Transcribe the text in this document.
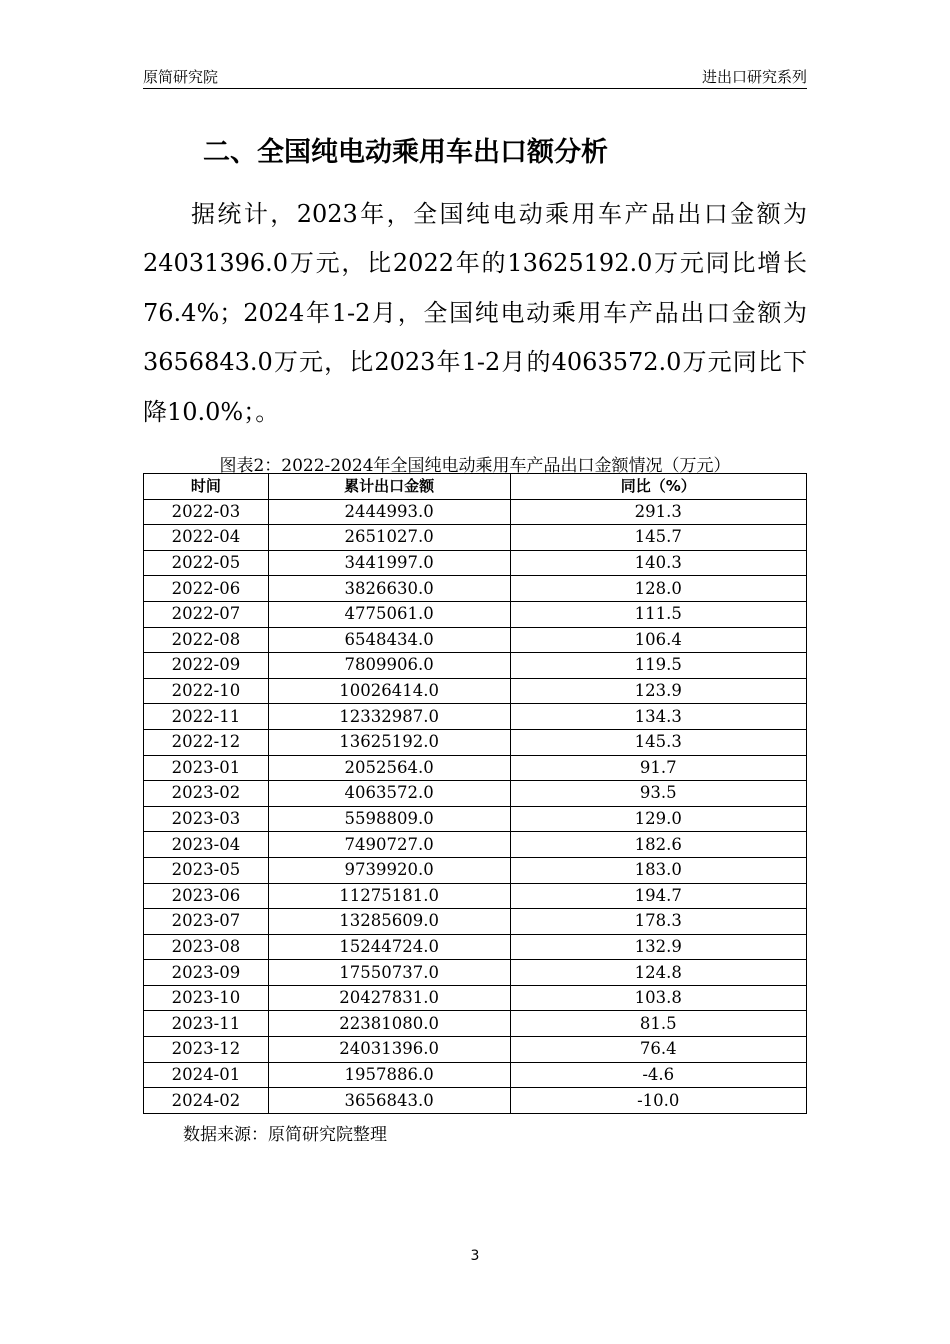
原简研究院	进出口研究系列
二、全国纯电动乘用车出口额分析
据统计，2023年，全国纯电动乘用车产品出口金额为24031396.0万元，比2022年的13625192.0万元同比增长76.4%；2024年1-2月，全国纯电动乘用车产品出口金额为3656843.0万元，比2023年1-2月的4063572.0万元同比下降10.0%；。
图表2：2022-2024年全国纯电动乘用车产品出口金额情况（万元）
时间	累计出口金额	同比（%）
2022-03	2444993.0	291.3
2022-04	2651027.0	145.7
2022-05	3441997.0	140.3
2022-06	3826630.0	128.0
2022-07	4775061.0	111.5
2022-08	6548434.0	106.4
2022-09	7809906.0	119.5
2022-10	10026414.0	123.9
2022-11	12332987.0	134.3
2022-12	13625192.0	145.3
2023-01	2052564.0	91.7
2023-02	4063572.0	93.5
2023-03	5598809.0	129.0
2023-04	7490727.0	182.6
2023-05	9739920.0	183.0
2023-06	11275181.0	194.7
2023-07	13285609.0	178.3
2023-08	15244724.0	132.9
2023-09	17550737.0	124.8
2023-10	20427831.0	103.8
2023-11	22381080.0	81.5
2023-12	24031396.0	76.4
2024-01	1957886.0	-4.6
2024-02	3656843.0	-10.0
数据来源：原简研究院整理
3
